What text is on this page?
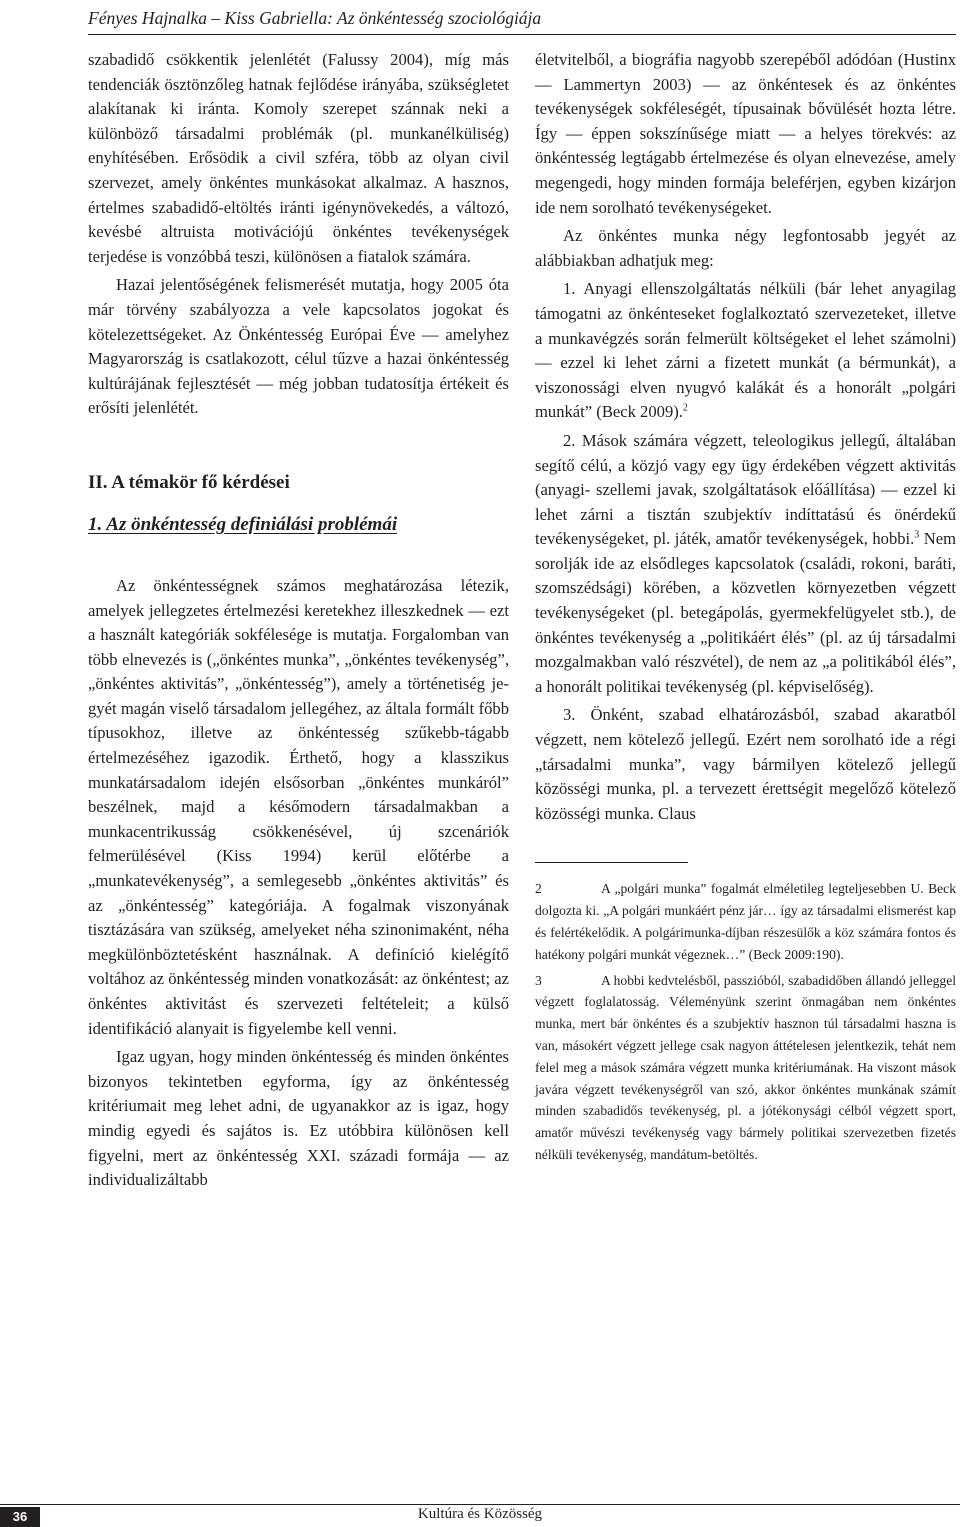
Fényes Hajnalka – Kiss Gabriella: Az önkéntesség szociológiája

szabadidő csökkentik jelenlétét (Falussy 2004), míg más tendenciák ösztönzőleg hatnak fejlődése irányába, szükségletet alakítanak ki iránta. Komoly szerepet szánnak neki a különböző társadalmi problémák (pl. munkanélküliség) enyhítésében. Erősödik a civil szféra, több az olyan civil szervezet, amely önkéntes munkásokat alkalmaz. A hasznos, értelmes szabadidő-eltöltés iránti igénynövekedés, a változó, kevésbé altruista motivációjú önkéntes tevékenységek terjedése is vonzóbbá teszi, különösen a fiatalok számára.

Hazai jelentőségének felismerését mutatja, hogy 2005 óta már törvény szabályozza a vele kapcsolatos jogokat és kötelezettségeket. Az Önkéntesség Európai Éve — amelyhez Magyarország is csatlakozott, célul tűzve a hazai önkéntesség kultúrájának fejlesztését — még jobban tudatosítja értékeit és erősíti jelenlétét.

II. A témakör fő kérdései
1. Az önkéntesség definiálási problémái

Az önkéntességnek számos meghatározása létezik, amelyek jellegzetes értelmezési keretekhez illeszkednek — ezt a használt kategóriák sokfélesége is mutatja. Forgalomban van több elnevezés is („önkéntes munka”, „önkéntes tevékenység”, „önkéntes aktivitás”, „önkéntesség”), amely a történetiség jegyét magán viselő társadalom jellegéhez, az általa formált főbb típusokhoz, illetve az önkéntesség szűkebb-tágabb értelmezéséhez igazodik. Érthető, hogy a klasszikus munkatársadalom idején elsősorban „önkéntes munkáról” beszélnek, majd a későmodern társadalmakban a munkacentrikusság csökkenésével, új szcenáriók felmerülésével (Kiss 1994) kerül előtérbe a „munkatevékenység”, a semlegesebb „önkéntes aktivitás” és az „önkéntesség” kategóriája. A fogalmak viszonyának tisztázására van szükség, amelyeket néha szinonimaként, néha megkülönböztetésként használnak. A definíció kielégítő voltához az önkéntesség minden vonatkozását: az önkéntest; az önkéntes aktivitást és szervezeti feltételeit; a külső identifikáció alanyait is figyelembe kell venni.

Igaz ugyan, hogy minden önkéntesség és minden önkéntes bizonyos tekintetben egyforma, így az önkéntesség kritériumait meg lehet adni, de ugyanakkor az is igaz, hogy mindig egyedi és sajátos is. Ez utóbbira különösen kell figyelni, mert az önkéntesség XXI. századi formája — az individualizáltabb

életvitelből, a biográfia nagyobb szerepéből adódóan (Hustinx — Lammertyn 2003) — az önkéntesek és az önkéntes tevékenységek sokféleségét, típusainak bővülését hozta létre. Így — éppen sokszínűsége miatt — a helyes törekvés: az önkéntesség legtágabb értelmezése és olyan elnevezése, amely megengedi, hogy minden formája beleférjen, egyben kizárjon ide nem sorolható tevékenységeket.

Az önkéntes munka négy legfontosabb jegyét az alábbiakban adhatjuk meg:

1. Anyagi ellenszolgáltatás nélküli (bár lehet anyagilag támogatni az önkénteseket foglalkoztató szervezeteket, illetve a munkavégzés során felmerült költségeket el lehet számolni) — ezzel ki lehet zárni a fizetett munkát (a bérmunkát), a viszonossági elven nyugvó kalákát és a honorált „polgári munkát” (Beck 2009).$^2$

2. Mások számára végzett, teleologikus jellegű, általában segítő célú, a közjó vagy egy ügy érdekében végzett aktivitás (anyagi- szellemi javak, szolgáltatások előállítása) — ezzel ki lehet zárni a tisztán szubjektív indíttatású és önérdekű tevékenységeket, pl. játék, amatőr tevékenységek, hobbi.$^3$ Nem sorolják ide az elsődleges kapcsolatok (családi, rokoni, baráti, szomszédsági) körében, a közvetlen környezetben végzett tevékenységeket (pl. betegápolás, gyermekfelügyelet stb.), de önkéntes tevékenység a „politikáért élés” (pl. az új társadalmi mozgalmakban való részvétel), de nem az „a politikából élés”, a honorált politikai tevékenység (pl. képviselőség).

3. Önként, szabad elhatározásból, szabad akaratból végzett, nem kötelező jellegű. Ezért nem sorolható ide a régi „társadalmi munka”, vagy bármilyen kötelező jellegű közösségi munka, pl. a tervezett érettségit megelőző kötelező közösségi munka. Claus

2	A „polgári munka” fogalmát elméletileg legteljesebben U. Beck dolgozta ki. „A polgári munkáért pénz jár… így az társadalmi elismerést kap és felértékelődik. A polgárimunka-díjban részesülők a köz számára fontos és hatékony polgári munkát végeznek…” (Beck 2009:190).

3	A hobbi kedvtelésből, passzióból, szabadidőben állandó jelleggel végzett foglalatosság. Véleményünk szerint önmagában nem önkéntes munka, mert bár önkéntes és a szubjektív hasznon túl társadalmi haszna is van, másokért végzett jellege csak nagyon áttételesen jelentkezik, tehát nem felel meg a mások számára végzett munka kritériumának. Ha viszont mások javára végzett tevékenységről van szó, akkor önkéntes munkának számít minden szabadidős tevékenység, pl. a jótékonysági célból végzett sport, amatőr művészi tevékenység vagy bármely politikai szervezetben fizetés nélküli tevékenység, mandátum-betöltés.

36	Kultúra és Közösség
